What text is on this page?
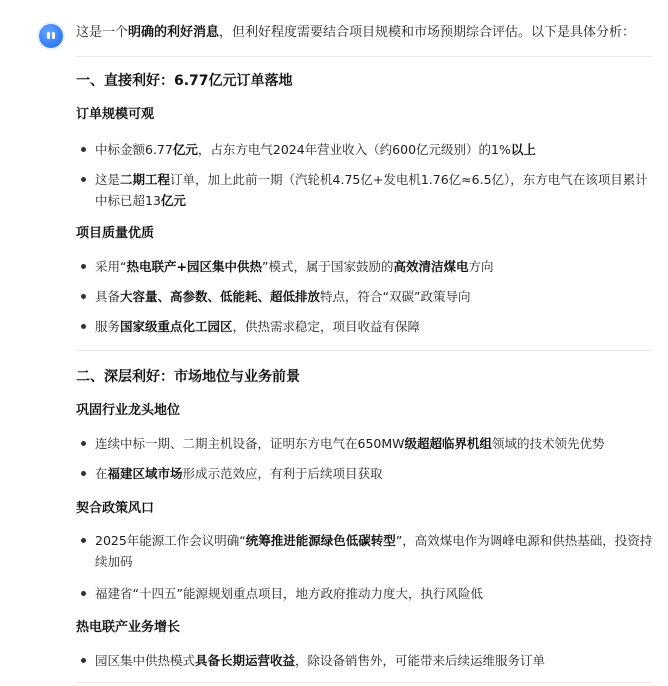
这是一个明确的利好消息，但利好程度需要结合项目规模和市场预期综合评估。以下是具体分析：
一、直接利好：6.77亿元订单落地
订单规模可观
中标金额6.77亿元，占东方电气2024年营业收入（约600亿元级别）的1%以上
这是二期工程订单，加上此前一期（汽轮机4.75亿+发电机1.76亿≈6.5亿），东方电气在该项目累计中标已超13亿元
项目质量优质
采用“热电联产+园区集中供热”模式，属于国家鼓励的高效清洁煤电方向
具备大容量、高参数、低能耗、超低排放特点，符合“双碳”政策导向
服务国家级重点化工园区，供热需求稳定，项目收益有保障
二、深层利好：市场地位与业务前景
巩固行业龙头地位
连续中标一期、二期主机设备，证明东方电气在650MW级超超临界机组领域的技术领先优势
在福建区域市场形成示范效应，有利于后续项目获取
契合政策风口
2025年能源工作会议明确“统筹推进能源绿色低碳转型”，高效煤电作为调峰电源和供热基础，投资持续加码
福建省“十四五”能源规划重点项目，地方政府推动力度大，执行风险低
热电联产业务增长
园区集中供热模式具备长期运营收益，除设备销售外，可能带来后续运维服务订单
